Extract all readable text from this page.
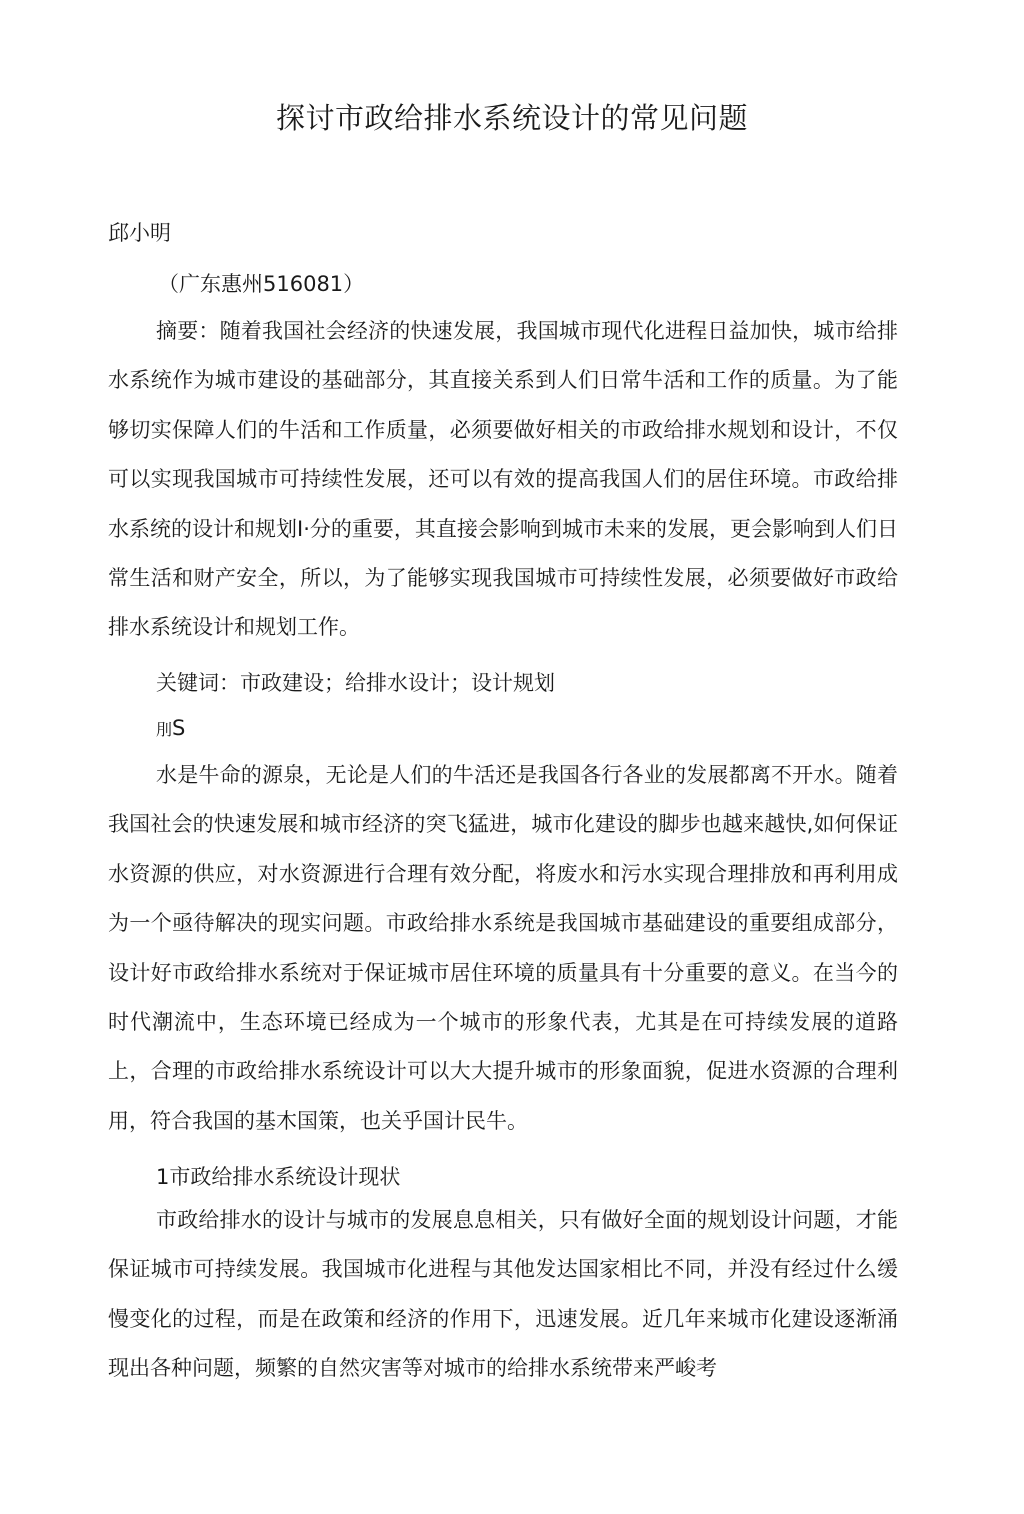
探讨市政给排水系统设计的常见问题
邱小明
（广东惠州516081）

摘要：随着我国社会经济的快速发展，我国城市现代化进程日益加快，城市给排水系统作为城市建设的基础部分，其直接关系到人们日常牛活和工作的质量。为了能够切实保障人们的牛活和工作质量，必须要做好相关的市政给排水规划和设计，不仅可以实现我国城市可持续性发展，还可以有效的提高我国人们的居住环境。市政给排水系统的设计和规划I·分的重要，其直接会影响到城市未来的发展，更会影响到人们日常生活和财产安全，所以，为了能够实现我国城市可持续性发展，必须要做好市政给排水系统设计和规划工作。

关键词：市政建设；给排水设计；设计规划
刖S

水是牛命的源泉，无论是人们的牛活还是我国各行各业的发展都离不开水。随着我国社会的快速发展和城市经济的突飞猛进，城市化建设的脚步也越来越快,如何保证水资源的供应，对水资源进行合理有效分配，将废水和污水实现合理排放和再利用成为一个亟待解决的现实问题。市政给排水系统是我国城市基础建设的重要组成部分，设计好市政给排水系统对于保证城市居住环境的质量具有十分重要的意义。在当今的时代潮流中，生态环境已经成为一个城市的形象代表，尤其是在可持续发展的道路上，合理的市政给排水系统设计可以大大提升城市的形象面貌，促进水资源的合理利用，符合我国的基木国策，也关乎国计民牛。

1市政给排水系统设计现状

市政给排水的设计与城市的发展息息相关，只有做好全面的规划设计问题，才能保证城市可持续发展。我国城市化进程与其他发达国家相比不同，并没有经过什么缓慢变化的过程，而是在政策和经济的作用下，迅速发展。近几年来城市化建设逐渐涌现出各种问题，频繁的自然灾害等对城市的给排水系统带来严峻考
